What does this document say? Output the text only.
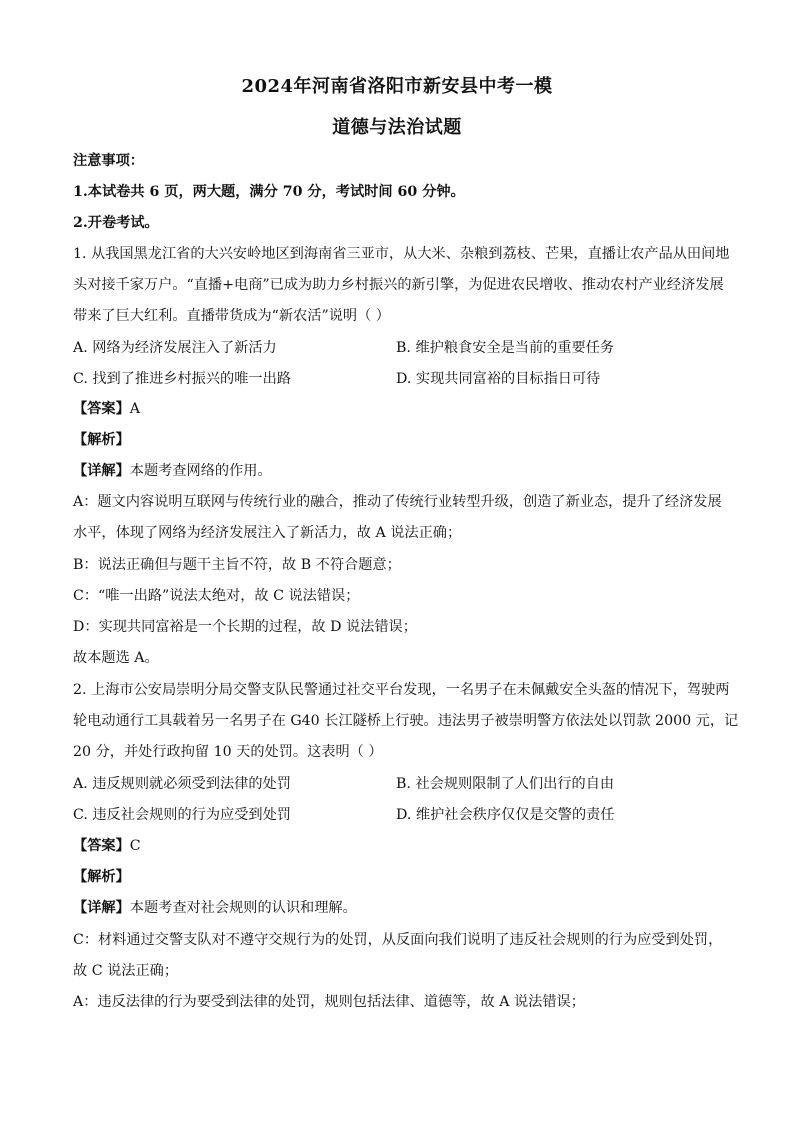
2024年河南省洛阳市新安县中考一模
道德与法治试题
注意事项：
1.本试卷共 6 页，两大题，满分 70 分，考试时间 60 分钟。
2.开卷考试。
1. 从我国黑龙江省的大兴安岭地区到海南省三亚市，从大米、杂粮到荔枝、芒果，直播让农产品从田间地
头对接千家万户。“直播+电商”已成为助力乡村振兴的新引擎，为促进农民增收、推动农村产业经济发展
带来了巨大红利。直播带货成为“新农活”说明（ ）
A. 网络为经济发展注入了新活力	B. 维护粮食安全是当前的重要任务
C. 找到了推进乡村振兴的唯一出路	D. 实现共同富裕的目标指日可待
【答案】A
【解析】
【详解】本题考查网络的作用。
A：题文内容说明互联网与传统行业的融合，推动了传统行业转型升级，创造了新业态，提升了经济发展
水平，体现了网络为经济发展注入了新活力，故 A 说法正确；
B：说法正确但与题干主旨不符，故 B 不符合题意；
C：“唯一出路”说法太绝对，故 C 说法错误；
D：实现共同富裕是一个长期的过程，故 D 说法错误；
故本题选 A。
2. 上海市公安局崇明分局交警支队民警通过社交平台发现，一名男子在未佩戴安全头盔的情况下，驾驶两
轮电动通行工具载着另一名男子在 G40 长江隧桥上行驶。违法男子被崇明警方依法处以罚款 2000 元，记
20 分，并处行政拘留 10 天的处罚。这表明（ ）
A. 违反规则就必须受到法律的处罚	B. 社会规则限制了人们出行的自由
C. 违反社会规则的行为应受到处罚	D. 维护社会秩序仅仅是交警的责任
【答案】C
【解析】
【详解】本题考查对社会规则的认识和理解。
C：材料通过交警支队对不遵守交规行为的处罚，从反面向我们说明了违反社会规则的行为应受到处罚，
故 C 说法正确；
A：违反法律的行为要受到法律的处罚，规则包括法律、道德等，故 A 说法错误；
